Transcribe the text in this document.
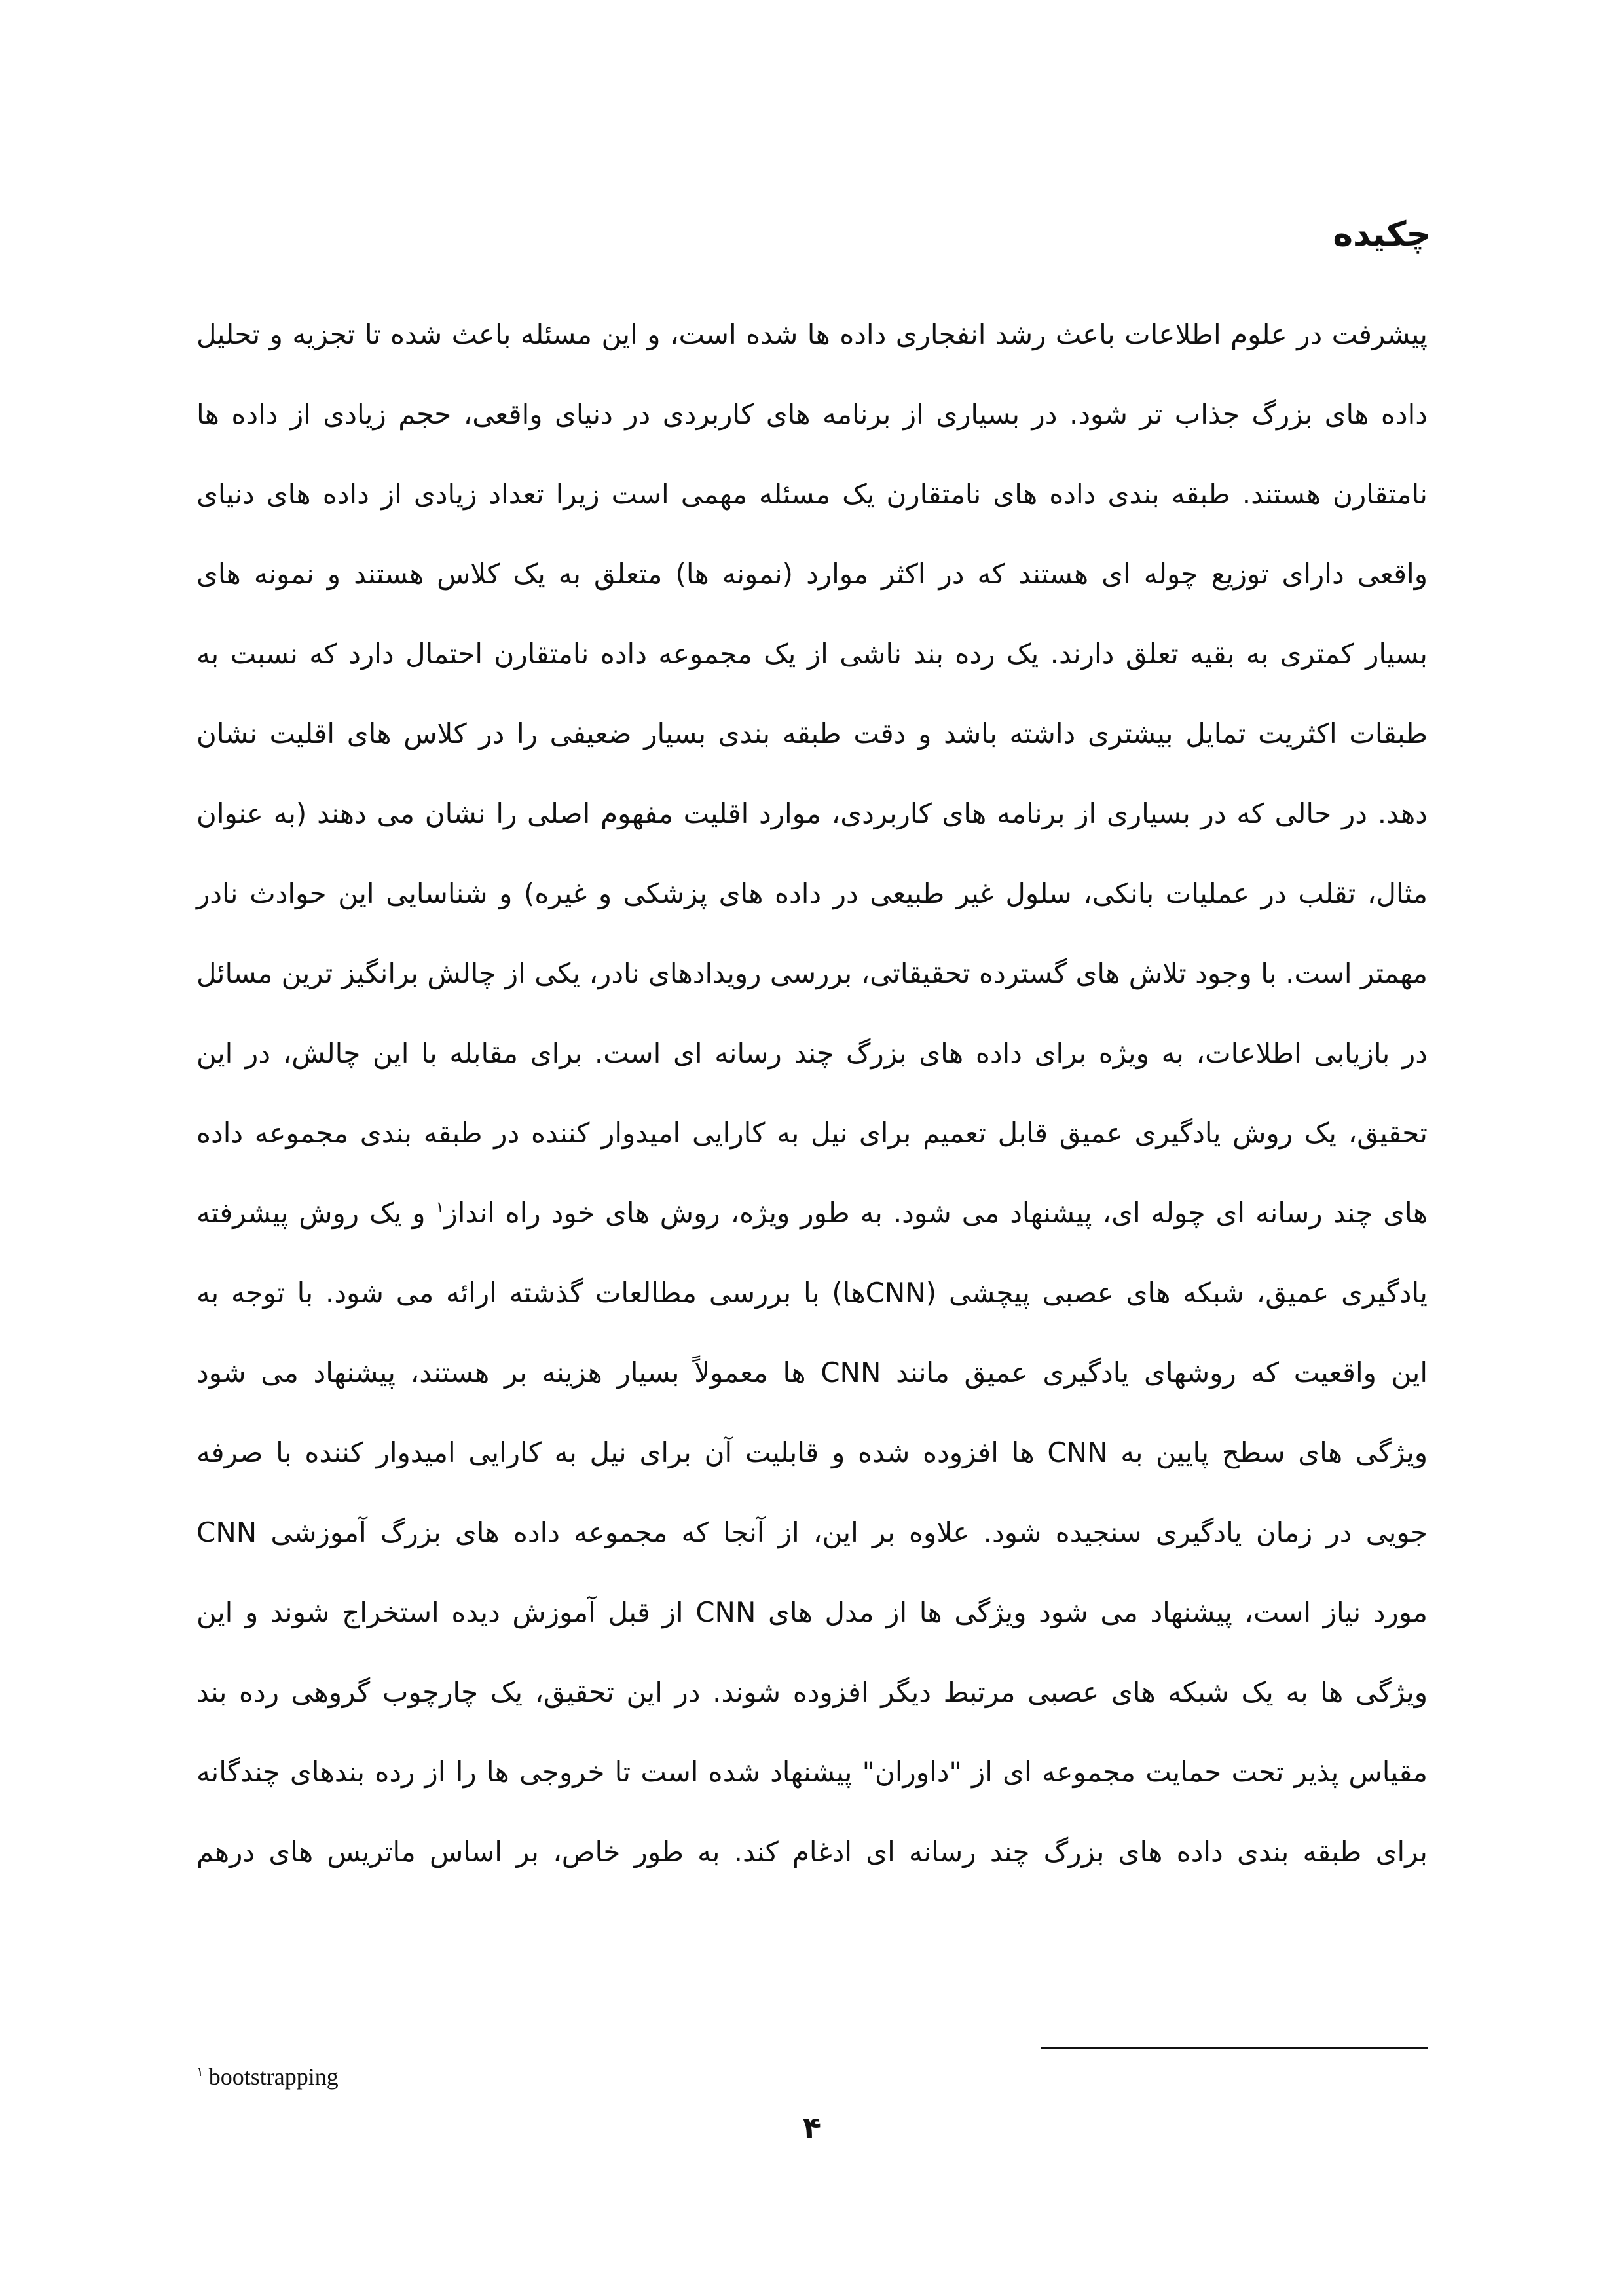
چکیده
پیشرفت در علوم اطلاعات باعث رشد انفجاری داده ها شده است، و این مسئله باعث شده تا تجزیه و تحلیل
داده های بزرگ جذاب تر شود. در بسیاری از برنامه های کاربردی در دنیای واقعی، حجم زیادی از داده ها
نامتقارن هستند. طبقه بندی داده های نامتقارن یک مسئله مهمی است زیرا تعداد زیادی از داده های دنیای
واقعی دارای توزیع چوله ای هستند که در اکثر موارد (نمونه ها) متعلق به یک کلاس هستند و نمونه های
بسیار کمتری به بقیه تعلق دارند. یک رده بند ناشی از یک مجموعه داده نامتقارن احتمال دارد که نسبت به
طبقات اکثریت تمایل بیشتری داشته باشد و دقت طبقه بندی بسیار ضعیفی را در کلاس های اقلیت نشان
دهد. در حالی که در بسیاری از برنامه های کاربردی، موارد اقلیت مفهوم اصلی را نشان می دهند (به عنوان
مثال، تقلب در عملیات بانکی، سلول غیر طبیعی در داده های پزشکی و غیره) و شناسایی این حوادث نادر
مهمتر است. با وجود تلاش های گسترده تحقیقاتی، بررسی رویدادهای نادر، یکی از چالش برانگیز ترین مسائل
در بازیابی اطلاعات، به ویژه برای داده های بزرگ چند رسانه ای است. برای مقابله با این چالش، در این
تحقیق، یک روش یادگیری عمیق قابل تعمیم برای نیل به کارایی امیدوار کننده در طبقه بندی مجموعه داده
های چند رسانه ای چوله ای، پیشنهاد می شود. به طور ویژه، روش های خود راه انداز$^۱$ و یک روش پیشرفته
یادگیری عمیق، شبکه های عصبی پیچشی (CNNها) با بررسی مطالعات گذشته ارائه می شود. با توجه به
این واقعیت که روشهای یادگیری عمیق مانند CNN ها معمولاً بسیار هزینه بر هستند، پیشنهاد می شود
ویژگی های سطح پایین به CNN ها افزوده شده و قابلیت آن برای نیل به کارایی امیدوار کننده با صرفه
جویی در زمان یادگیری سنجیده شود. علاوه بر این، از آنجا که مجموعه داده های بزرگ آموزشی CNN
مورد نیاز است، پیشنهاد می شود ویژگی ها از مدل های CNN از قبل آموزش دیده استخراج شوند و این
ویژگی ها به یک شبکه های عصبی مرتبط دیگر افزوده شوند. در این تحقیق، یک چارچوب گروهی رده بند
مقیاس پذیر تحت حمایت مجموعه ای از "داوران" پیشنهاد شده است تا خروجی ها را از رده بندهای چندگانه
برای طبقه بندی داده های بزرگ چند رسانه ای ادغام کند. به طور خاص، بر اساس ماتریس های درهم
$^۱$ bootstrapping
۴
